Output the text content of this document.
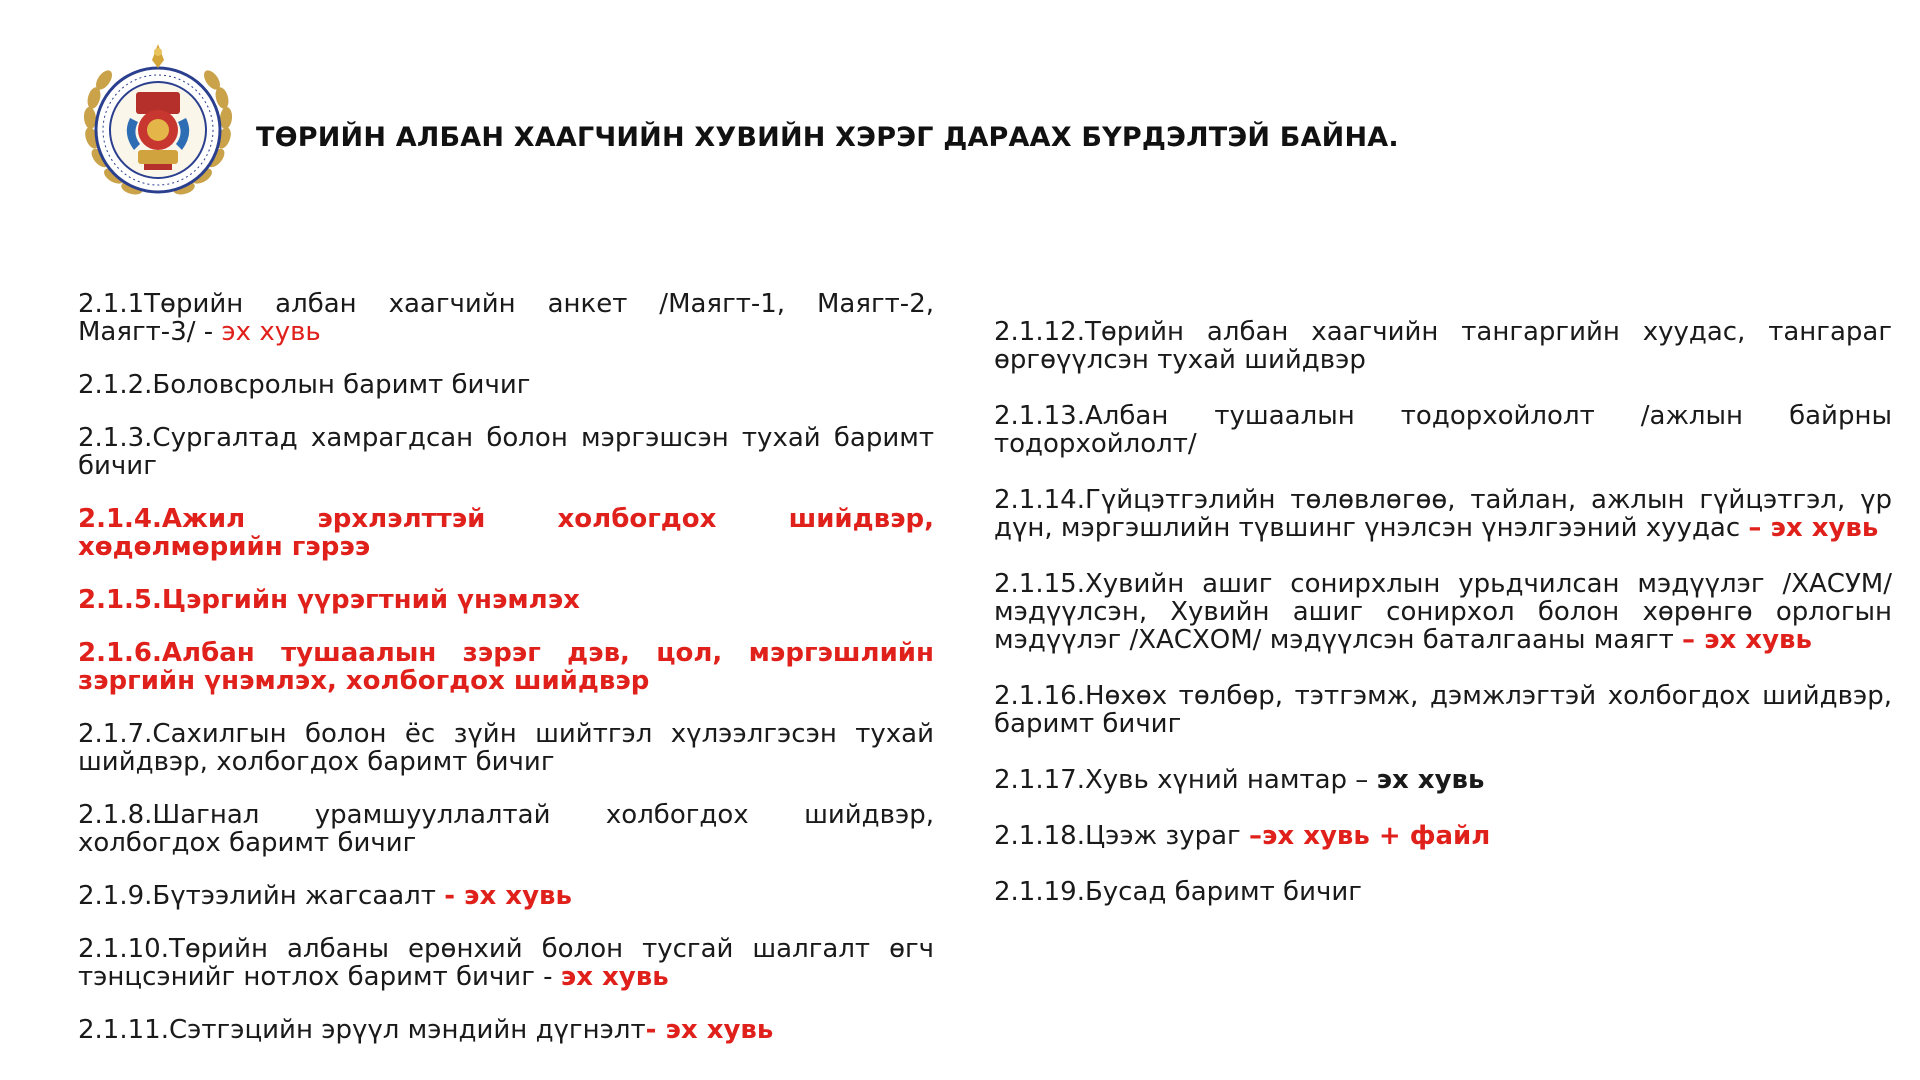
ТӨРИЙН АЛБАН ХААГЧИЙН ХУВИЙН ХЭРЭГ ДАРААХ БҮРДЭЛТЭЙ БАЙНА.
2.1.1Төрийн албан хаагчийн анкет /Маягт-1, Маягт-2, Маягт-3/ - эх хувь
2.1.2.Боловсролын баримт бичиг
2.1.3.Сургалтад хамрагдсан болон мэргэшсэн тухай баримт бичиг
2.1.4.Ажил эрхлэлттэй холбогдох шийдвэр, хөдөлмөрийн гэрээ
2.1.5.Цэргийн үүрэгтний үнэмлэх
2.1.6.Албан тушаалын зэрэг дэв, цол, мэргэшлийн зэргийн үнэмлэх, холбогдох шийдвэр
2.1.7.Сахилгын болон ёс зүйн шийтгэл хүлээлгэсэн тухай шийдвэр, холбогдох баримт бичиг
2.1.8.Шагнал урамшууллалтай холбогдох шийдвэр, холбогдох баримт бичиг
2.1.9.Бүтээлийн жагсаалт - эх хувь
2.1.10.Төрийн албаны ерөнхий болон тусгай шалгалт өгч тэнцсэнийг нотлох баримт бичиг - эх хувь
2.1.11.Сэтгэцийн эрүүл мэндийн дүгнэлт- эх хувь
2.1.12.Төрийн албан хаагчийн тангаргийн хуудас, тангараг өргөүүлсэн тухай шийдвэр
2.1.13.Албан тушаалын тодорхойлолт /ажлын байрны тодорхойлолт/
2.1.14.Гүйцэтгэлийн төлөвлөгөө, тайлан, ажлын гүйцэтгэл, үр дүн, мэргэшлийн түвшинг үнэлсэн үнэлгээний хуудас – эх хувь
2.1.15.Хувийн ашиг сонирхлын урьдчилсан мэдүүлэг /ХАСУМ/ мэдүүлсэн, Хувийн ашиг сонирхол болон хөрөнгө орлогын мэдүүлэг /ХАСХОМ/ мэдүүлсэн баталгааны маягт – эх хувь
2.1.16.Нөхөх төлбөр, тэтгэмж, дэмжлэгтэй холбогдох шийдвэр, баримт бичиг
2.1.17.Хувь хүний намтар – эх хувь
2.1.18.Цээж зураг –эх хувь + файл
2.1.19.Бусад баримт бичиг
